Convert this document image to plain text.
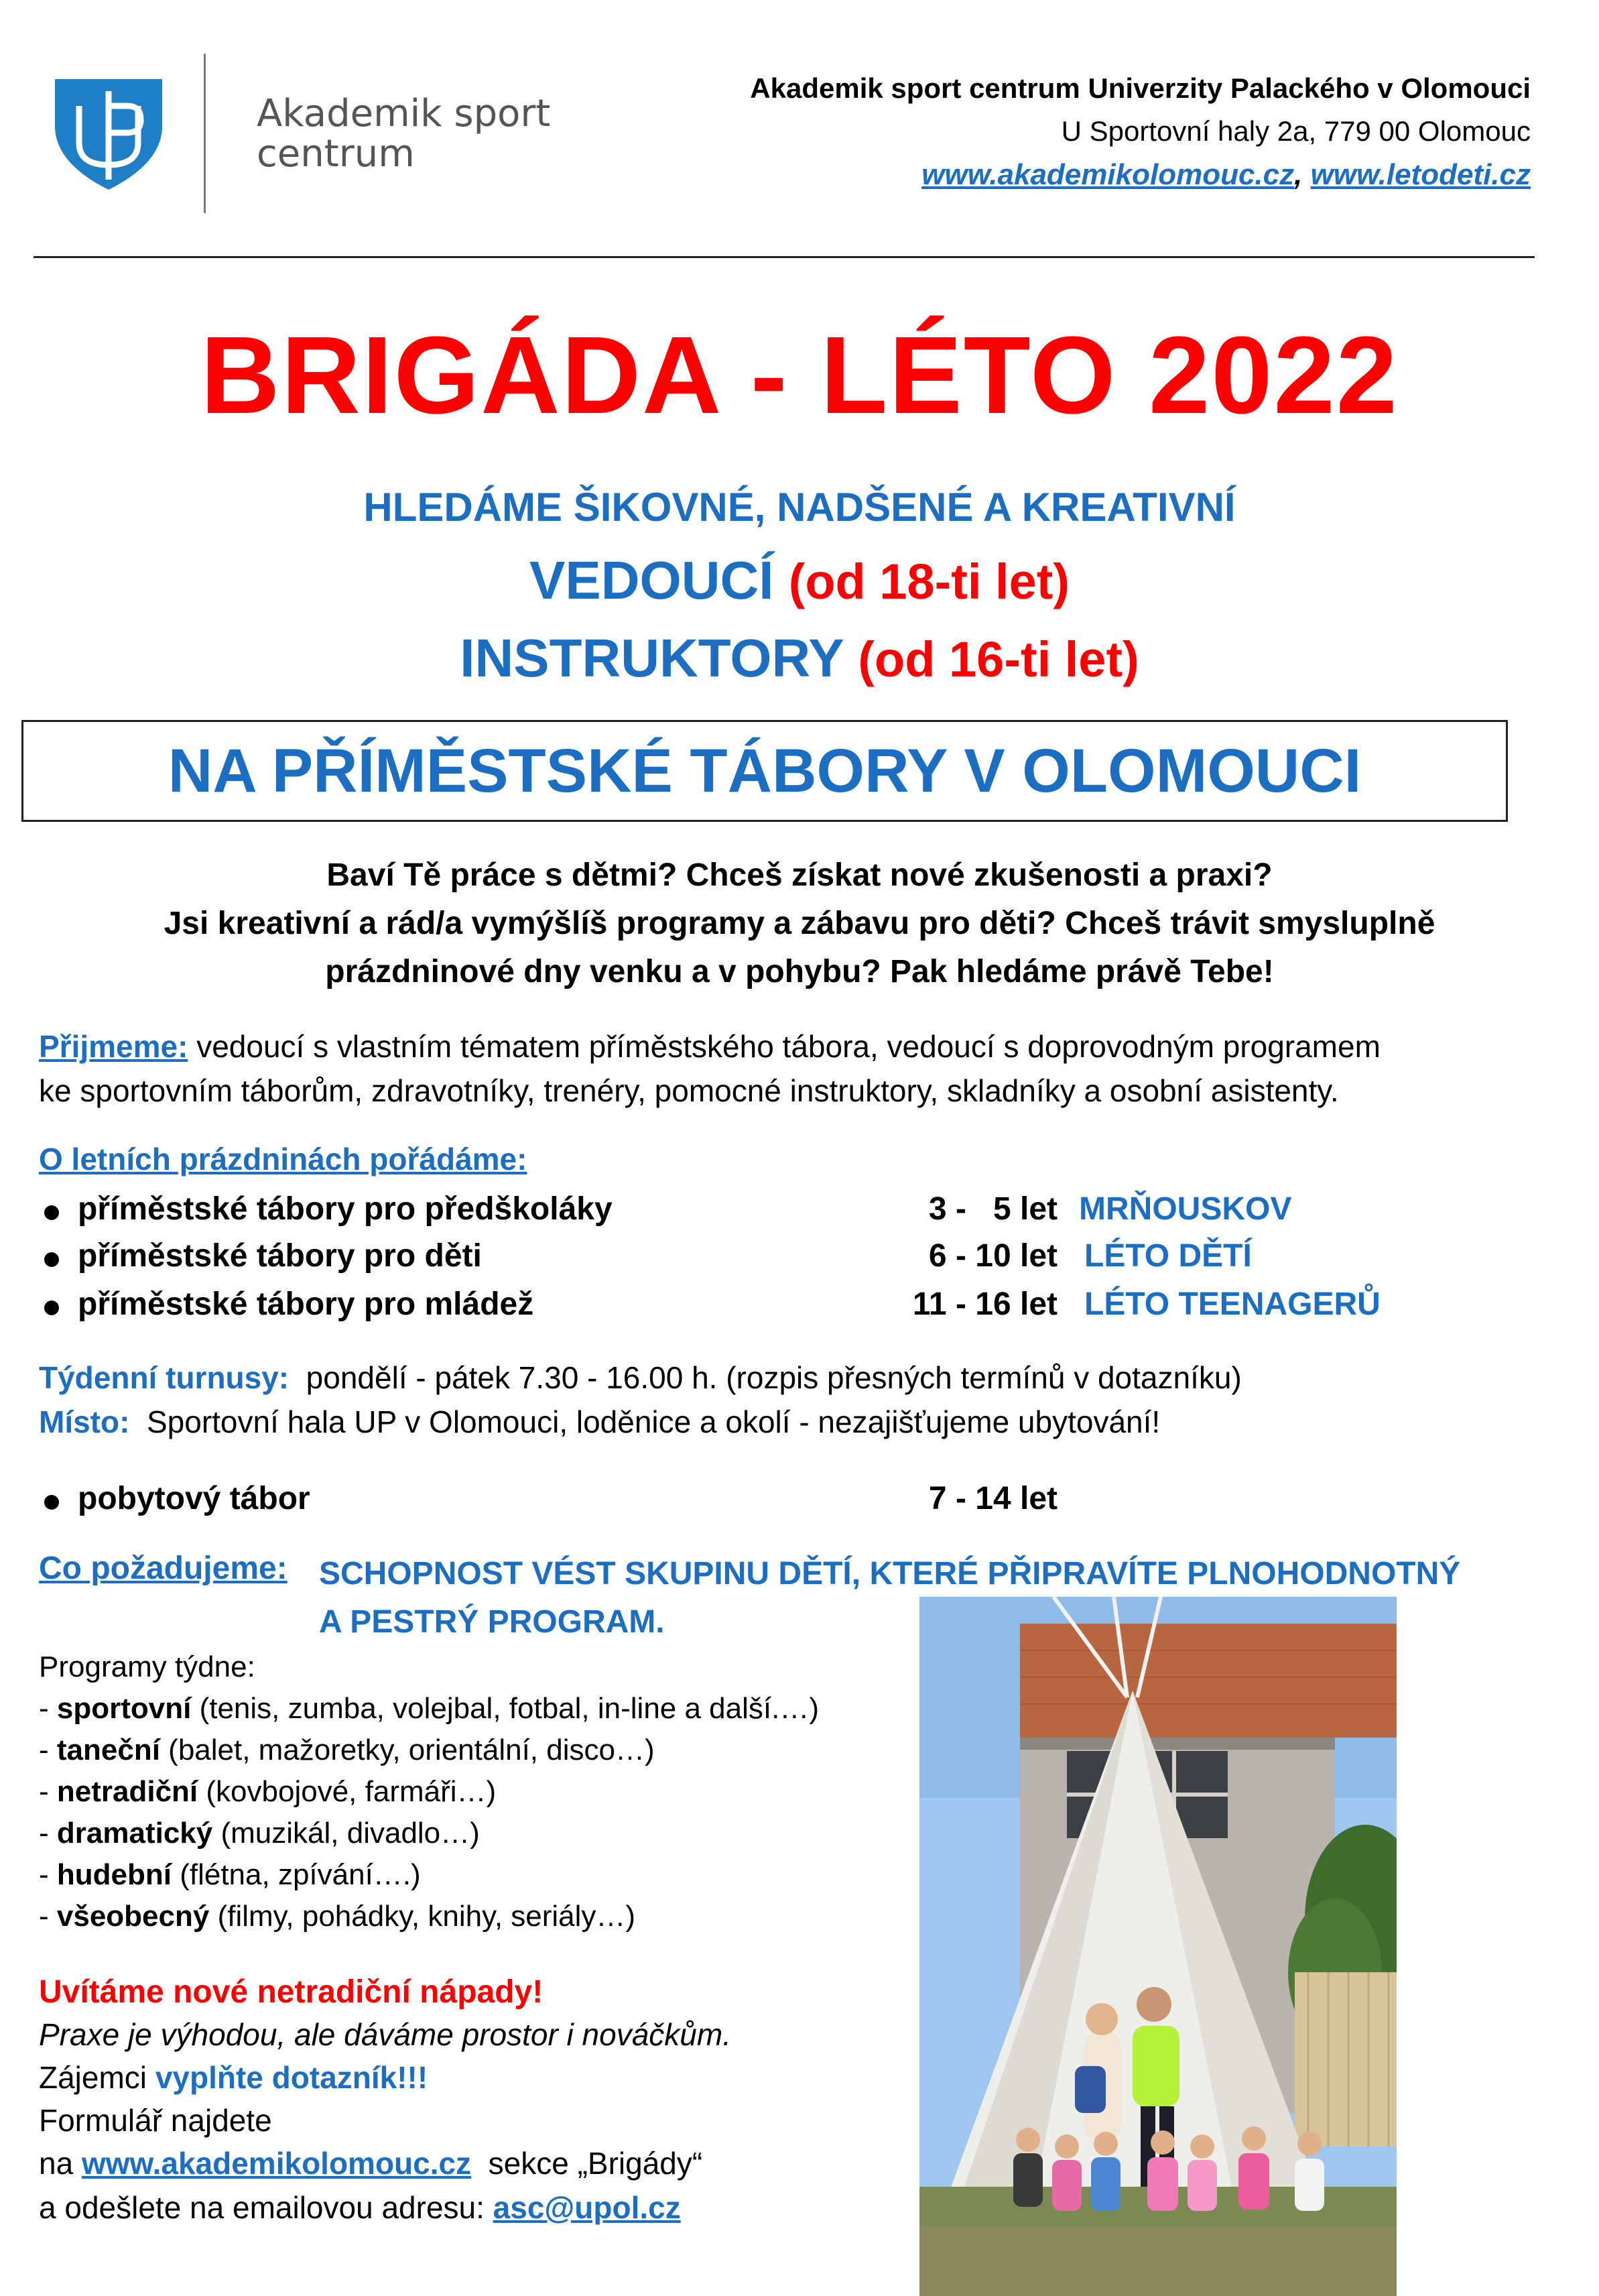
Akademik sport
centrum
Akademik sport centrum Univerzity Palackého v Olomouci
U Sportovní haly 2a, 779 00 Olomouc
www.akademikolomouc.cz, www.letodeti.cz
BRIGÁDA - LÉTO 2022
HLEDÁME ŠIKOVNÉ, NADŠENÉ A KREATIVNÍ
VEDOUCÍ (od 18-ti let)
INSTRUKTORY (od 16-ti let)
NA PŘÍMĚSTSKÉ TÁBORY V OLOMOUCI
Baví Tě práce s dětmi? Chceš získat nové zkušenosti a praxi?
Jsi kreativní a rád/a vymýšlíš programy a zábavu pro děti? Chceš trávit smysluplně
prázdninové dny venku a v pohybu? Pak hledáme právě Tebe!
Přijmeme: vedoucí s vlastním tématem příměstského tábora, vedoucí s doprovodným programem
ke sportovním táborům, zdravotníky, trenéry, pomocné instruktory, skladníky a osobní asistenty.
O letních prázdninách pořádáme:
příměstské tábory pro předškoláky	3 -   5 let MRŇOUSKOV
příměstské tábory pro děti	6 - 10 let LÉTO DĚTÍ
příměstské tábory pro mládež	11 - 16 let LÉTO TEENAGERŮ
Týdenní turnusy:  pondělí - pátek 7.30 - 16.00 h. (rozpis přesných termínů v dotazníku)
Místo:  Sportovní hala UP v Olomouci, loděnice a okolí - nezajišťujeme ubytování!
pobytový tábor	7 - 14 let
Co požadujeme: SCHOPNOST VÉST SKUPINU DĚTÍ, KTERÉ PŘIPRAVÍTE PLNOHODNOTNÝ
A PESTRÝ PROGRAM.
Programy týdne:
- sportovní (tenis, zumba, volejbal, fotbal, in-line a další.…)
- taneční (balet, mažoretky, orientální, disco…)
- netradiční (kovbojové, farmáři…)
- dramatický (muzikál, divadlo…)
- hudební (flétna, zpívání….)
- všeobecný (filmy, pohádky, knihy, seriály…)
Uvítáme nové netradiční nápady!
Praxe je výhodou, ale dáváme prostor i nováčkům.
Zájemci vyplňte dotazník!!!
Formulář najdete
na www.akademikolomouc.cz  sekce „Brigády“
a odešlete na emailovou adresu: asc@upol.cz
